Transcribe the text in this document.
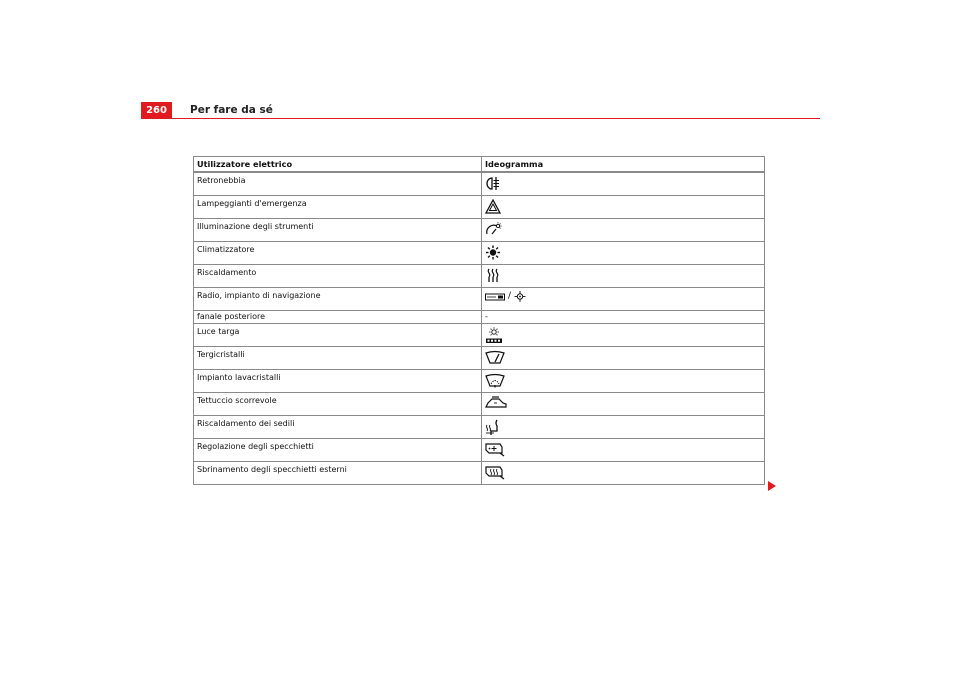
260	Per fare da sé
Utilizzatore elettrico	Ideogramma
Retronebbia	

Lampeggianti d'emergenza	

Illuminazione degli strumenti	

Climatizzatore	

Riscaldamento	

Radio, impianto di navigazione	/

fanale posteriore	-
Luce targa	

Tergicristalli	

Impianto lavacristalli	

Tettuccio scorrevole	

Riscaldamento dei sedili	

Regolazione degli specchietti	

Sbrinamento degli specchietti esterni	
